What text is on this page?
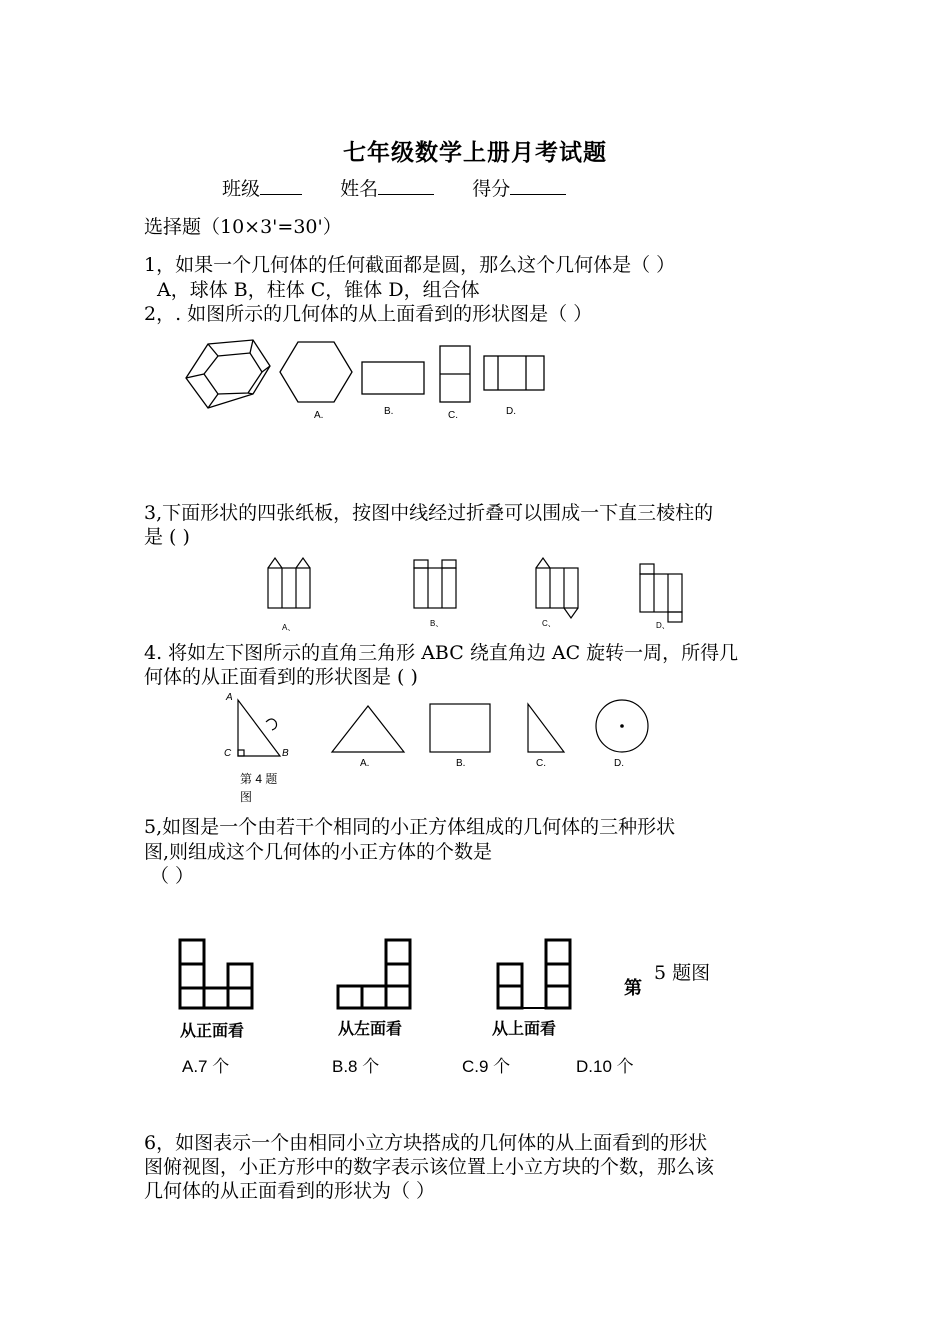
七年级数学上册月考试题
班级	姓名	得分
选择题（10×3'=30'）
1，如果一个几何体的任何截面都是圆，那么这个几何体是（ ）
A，球体 B，柱体 C，锥体 D，组合体
2，. 如图所示的几何体的从上面看到的形状图是（ ）
A.	B.	C.	D.
3,下面形状的四张纸板，按图中线经过折叠可以围成一下直三棱柱的
是 ( )
A、	B、	C、	D、
4. 将如左下图所示的直角三角形 ABC 绕直角边 AC 旋转一周，所得几
何体的从正面看到的形状图是 ( )
A
C	B
第 4 题
图
A.	B.	C.	D.
5,如图是一个由若干个相同的小正方体组成的几何体的三种形状
图,则组成这个几何体的小正方体的个数是
（ ）
从正面看	从左面看	从上面看
第
5 题图
A.7 个	B.8 个	C.9 个	D.10 个
6，如图表示一个由相同小立方块搭成的几何体的从上面看到的形状
图俯视图，小正方形中的数字表示该位置上小立方块的个数，那么该
几何体的从正面看到的形状为（ ）
